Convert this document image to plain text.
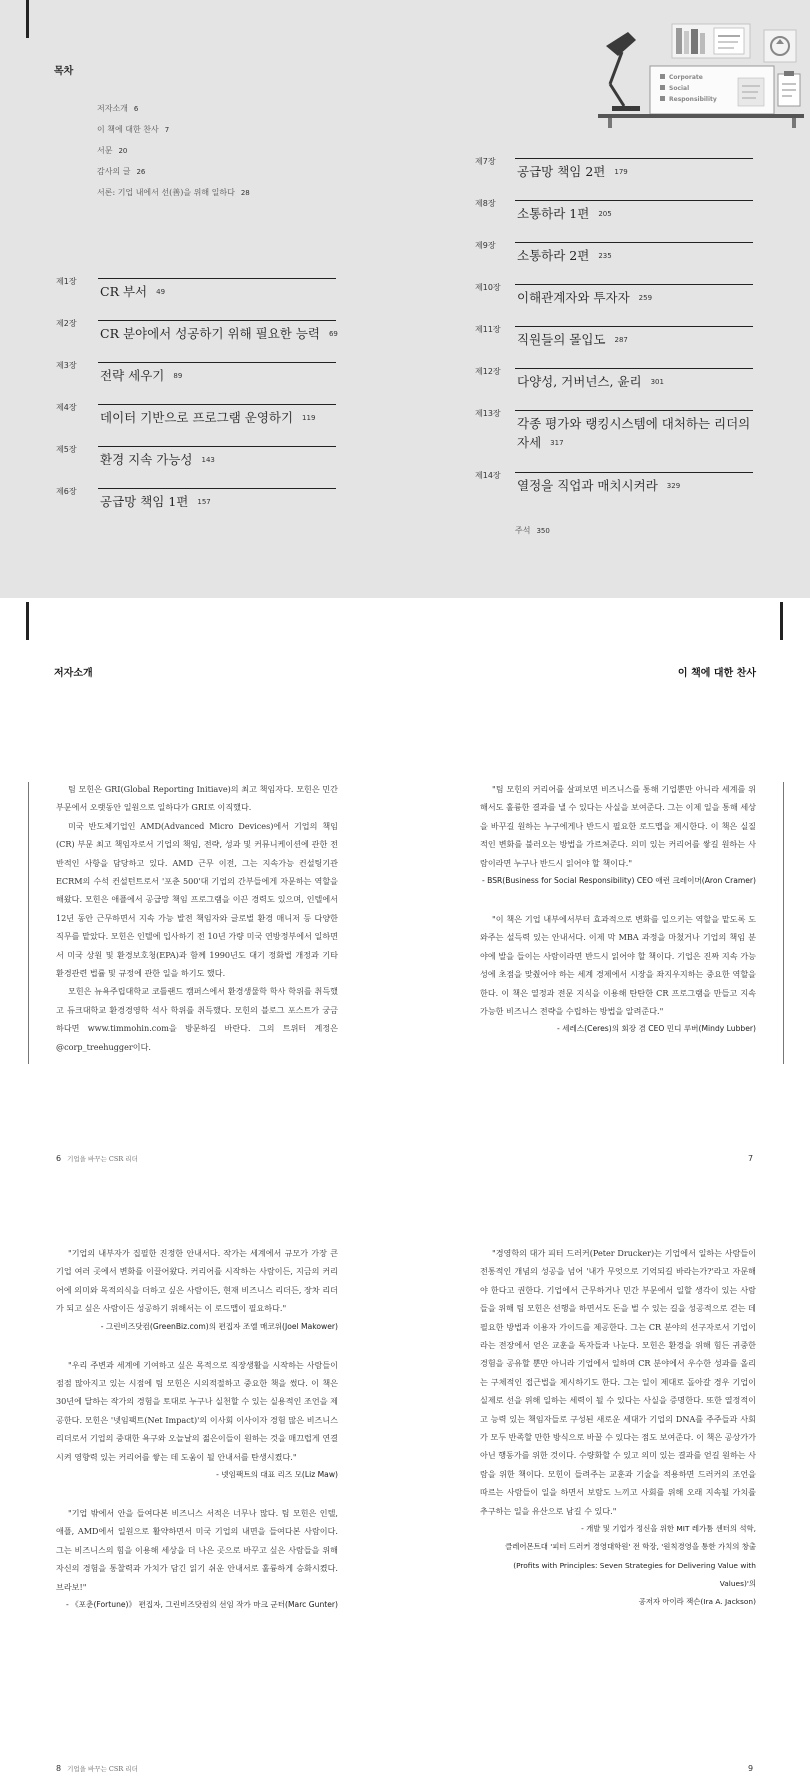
목차
Corporate
Social
Responsibility
저자소개 6
이 책에 대한 찬사 7
서문 20
감사의 글 26
서론: 기업 내에서 선(善)을 위해 일하다 28
제1장
CR 부서 49
제2장
CR 분야에서 성공하기 위해 필요한 능력 69
제3장
전략 세우기 89
제4장
데이터 기반으로 프로그램 운영하기 119
제5장
환경 지속 가능성 143
제6장
공급망 책임 1편 157
제7장
공급망 책임 2편 179
제8장
소통하라 1편 205
제9장
소통하라 2편 235
제10장
이해관계자와 투자자 259
제11장
직원들의 몰입도 287
제12장
다양성, 거버넌스, 윤리 301
제13장
각종 평가와 랭킹시스템에 대처하는 리더의
자세 317
제14장
열정을 직업과 매치시켜라 329
주석 350
저자소개	이 책에 대한 찬사

팀 모힌은 GRI(Global Reporting Initiave)의 최고 책임자다. 모힌은 민간 부문에서 오랫동안 일원으로 일하다가 GRI로 이직했다.

미국 반도체기업인 AMD(Advanced Micro Devices)에서 기업의 책임(CR) 부문 최고 책임자로서 기업의 책임, 전략, 성과 및 커뮤니케이션에 관한 전반적인 사항을 담당하고 있다. AMD 근무 이전, 그는 지속가능 컨설팅기관 ECRM의 수석 컨설턴트로서 '포춘 500'대 기업의 간부들에게 자문하는 역할을 해왔다. 모힌은 애플에서 공급망 책임 프로그램을 이끈 경력도 있으며, 인텔에서 12년 동안 근무하면서 지속 가능 발전 책임자와 글로벌 환경 매니저 등 다양한 직무를 맡았다. 모힌은 인텔에 입사하기 전 10년 가량 미국 연방정부에서 일하면서 미국 상원 및 환경보호청(EPA)과 함께 1990년도 대기 정화법 개정과 기타 환경관련 법률 및 규정에 관한 일을 하기도 했다.

모힌은 뉴욕주립대학교 코틀랜드 캠퍼스에서 환경생물학 학사 학위를 취득했고 듀크대학교 환경경영학 석사 학위를 취득했다. 모힌의 블로그 포스트가 궁금하다면 www.timmohin.com을 방문하길 바란다. 그의 트위터 계정은 @corp_treehugger이다.

"팀 모힌의 커리어를 살펴보면 비즈니스를 통해 기업뿐만 아니라 세계를 위해서도 훌륭한 결과를 낼 수 있다는 사실을 보여준다. 그는 이제 일을 통해 세상을 바꾸길 원하는 누구에게나 반드시 필요한 로드맵을 제시한다. 이 책은 실질적인 변화를 불러오는 방법을 가르쳐준다. 의미 있는 커리어를 쌓길 원하는 사람이라면 누구나 반드시 읽어야 할 책이다."

- BSR(Business for Social Responsibility) CEO 애런 크레이머(Aron Cramer)

"이 책은 기업 내부에서부터 효과적으로 변화를 일으키는 역할을 맡도록 도와주는 설득력 있는 안내서다. 이제 막 MBA 과정을 마쳤거나 기업의 책임 분야에 발을 들이는 사람이라면 반드시 읽어야 할 책이다. 기업은 진짜 지속 가능성에 초점을 맞췄어야 하는 세계 경제에서 시장을 좌지우지하는 중요한 역할을 한다. 이 책은 열정과 전문 지식을 이용해 탄탄한 CR 프로그램을 만들고 지속 가능한 비즈니스 전략을 수립하는 방법을 알려준다."

- 세레스(Ceres)의 회장 겸 CEO 민디 루버(Mindy Lubber)
6 기업을 바꾸는 CSR 리더	7

"기업의 내부자가 집필한 진정한 안내서다. 작가는 세계에서 규모가 가장 큰 기업 여러 곳에서 변화를 이끌어왔다. 커리어를 시작하는 사람이든, 지금의 커리어에 의미와 목적의식을 더하고 싶은 사람이든, 현재 비즈니스 리더든, 장차 리더가 되고 싶은 사람이든 성공하기 위해서는 이 로드맵이 필요하다."

- 그린비즈닷컴(GreenBiz.com)의 편집자 조엘 매코위(Joel Makower)

"우리 주변과 세계에 기여하고 싶은 목적으로 직장생활을 시작하는 사람들이 점점 많아지고 있는 시점에 팀 모힌은 시의적절하고 중요한 책을 썼다. 이 책은 30년에 달하는 작가의 경험을 토대로 누구나 실천할 수 있는 실용적인 조언을 제공한다. 모힌은 '넷임팩트(Net Impact)'의 이사회 이사이자 경험 많은 비즈니스 리더로서 기업의 중대한 욕구와 오늘날의 젊은이들이 원하는 것을 매끄럽게 연결시켜 영향력 있는 커리어를 쌓는 데 도움이 될 안내서를 탄생시켰다."

- 넷임팩트의 대표 리즈 모(Liz Maw)

"기업 밖에서 안을 들여다본 비즈니스 서적은 너무나 많다. 팀 모힌은 인텔, 애플, AMD에서 일원으로 활약하면서 미국 기업의 내면을 들여다본 사람이다. 그는 비즈니스의 힘을 이용해 세상을 더 나은 곳으로 바꾸고 싶은 사람들을 위해 자신의 경험을 통찰력과 가치가 담긴 읽기 쉬운 안내서로 훌륭하게 승화시켰다. 브라보!"

- 《포춘(Fortune)》 편집자, 그린비즈닷컴의 선임 작가 마크 군터(Marc Gunter)

"경영학의 대가 피터 드러커(Peter Drucker)는 기업에서 일하는 사람들이 전통적인 개념의 성공을 넘어 '내가 무엇으로 기억되길 바라는가?'라고 자문해야 한다고 권한다. 기업에서 근무하거나 민간 부문에서 일할 생각이 있는 사람들을 위해 팀 모힌은 선행을 하면서도 돈을 벌 수 있는 길을 성공적으로 걷는 데 필요한 방법과 이용자 가이드를 제공한다. 그는 CR 분야의 선구자로서 기업이라는 전장에서 얻은 교훈을 독자들과 나눈다. 모힌은 환경을 위해 힘든 귀중한 경험을 공유할 뿐만 아니라 기업에서 일하며 CR 분야에서 우수한 성과를 올리는 구체적인 접근법을 제시하기도 한다. 그는 일이 제대로 돌아갈 경우 기업이 실제로 선을 위해 일하는 세력이 될 수 있다는 사실을 증명한다. 또한 열정적이고 능력 있는 책임자들로 구성된 새로운 세대가 기업의 DNA를 주주들과 사회가 모두 반족할 만한 방식으로 바꿀 수 있다는 점도 보여준다. 이 책은 공상가가 아닌 행동가를 위한 것이다. 수량화할 수 있고 의미 있는 결과를 얻길 원하는 사람을 위한 책이다. 모힌이 들려주는 교훈과 기술을 적용하면 드러커의 조언을 따르는 사람들이 일을 하면서 보람도 느끼고 사회를 위해 오래 지속될 가치를 추구하는 일을 유산으로 남길 수 있다."

- 개발 및 기업가 정신을 위한 MIT 레가툼 센터의 석학,
클레어몬트대 '피터 드러커 경영대학원' 전 학장, '원칙경영을 통한 가치의 창출
(Profits with Principles: Seven Strategies for Delivering Value with Values)'의
공저자 아이라 잭슨(Ira A. Jackson)
8 기업을 바꾸는 CSR 리더	9
